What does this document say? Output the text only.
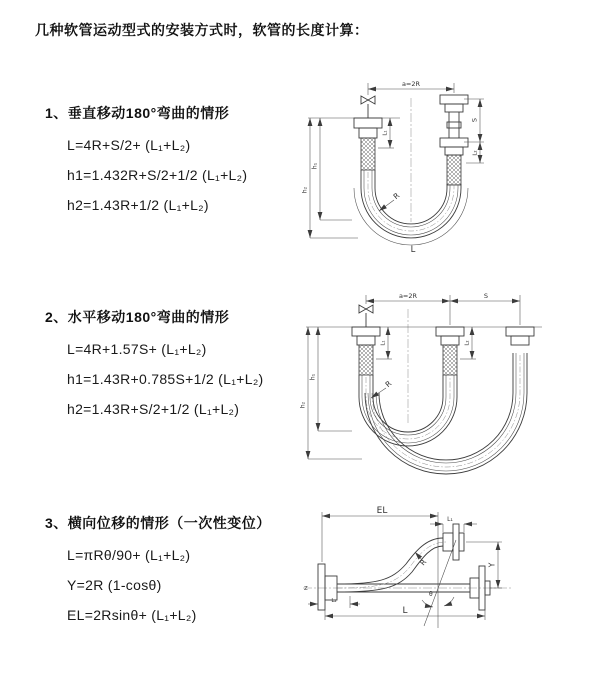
几种软管运动型式的安装方式时，软管的长度计算：
1、垂直移动180°弯曲的情形
L=4R+S/2+ (L₁+L₂)
h1=1.432R+S/2+1/2 (L₁+L₂)
h2=1.43R+1/2 (L₁+L₂)
a=2R
S
L₂
L₁
h₁
h₂
R
L
2、水平移动180°弯曲的情形
L=4R+1.57S+ (L₁+L₂)
h1=1.43R+0.785S+1/2 (L₁+L₂)
h2=1.43R+S/2+1/2 (L₁+L₂)
a=2R	S
L₁	L₂
h₁
h₂
R
3、横向位移的情形（一次性变位）
L=πRθ/90+ (L₁+L₂)
Y=2R (1-cosθ)
EL=2Rsinθ+ (L₁+L₂)
Z
θ
EL
L₁
Y
L
L₂
R
